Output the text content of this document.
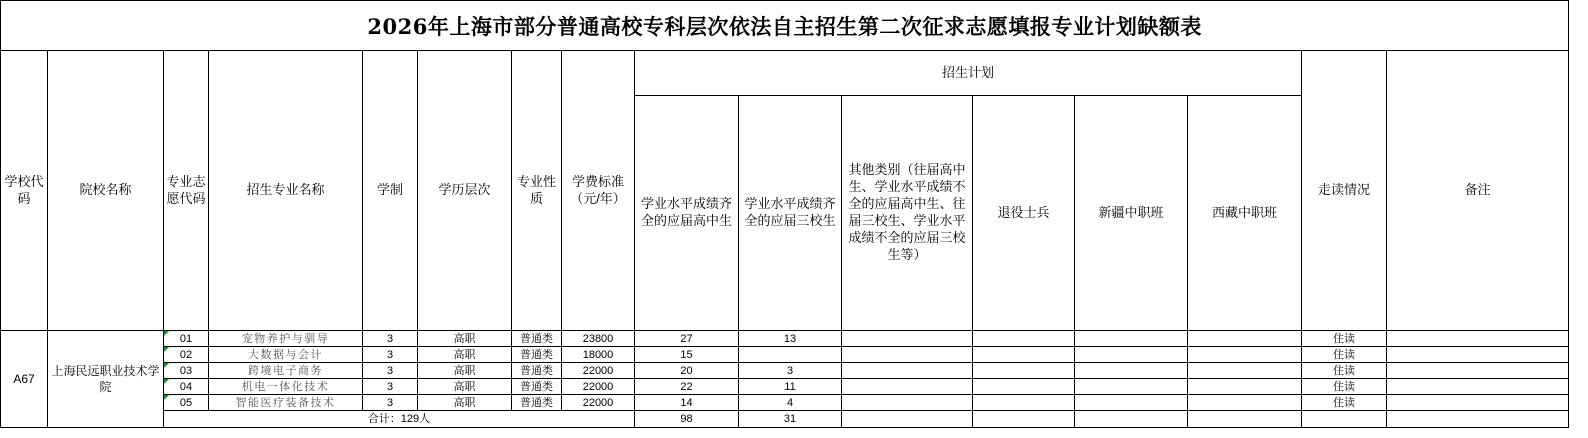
2026年上海市部分普通高校专科层次依法自主招生第二次征求志愿填报专业计划缺额表															
学校代码	院校名称	专业志愿代码	招生专业名称	学制	学历层次	专业性质	学费标准（元/年）	招生计划						走读情况	备注
								学业水平成绩齐全的应届高中生	学业水平成绩齐全的应届三校生	其他类别（往届高中生、学业水平成绩不全的应届高中生、往届三校生、学业水平成绩不全的应届三校生等）	退役士兵	新疆中职班	西藏中职班		
A67	上海民远职业技术学院	01	宠物养护与驯导	3	高职	普通类	23800	27	13					住读	
		02	大数据与会计	3	高职	普通类	18000	15						住读	
		03	跨境电子商务	3	高职	普通类	22000	20	3					住读	
		04	机电一体化技术	3	高职	普通类	22000	22	11					住读	
		05	智能医疗装备技术	3	高职	普通类	22000	14	4					住读	
		合计：129人						98	31						
